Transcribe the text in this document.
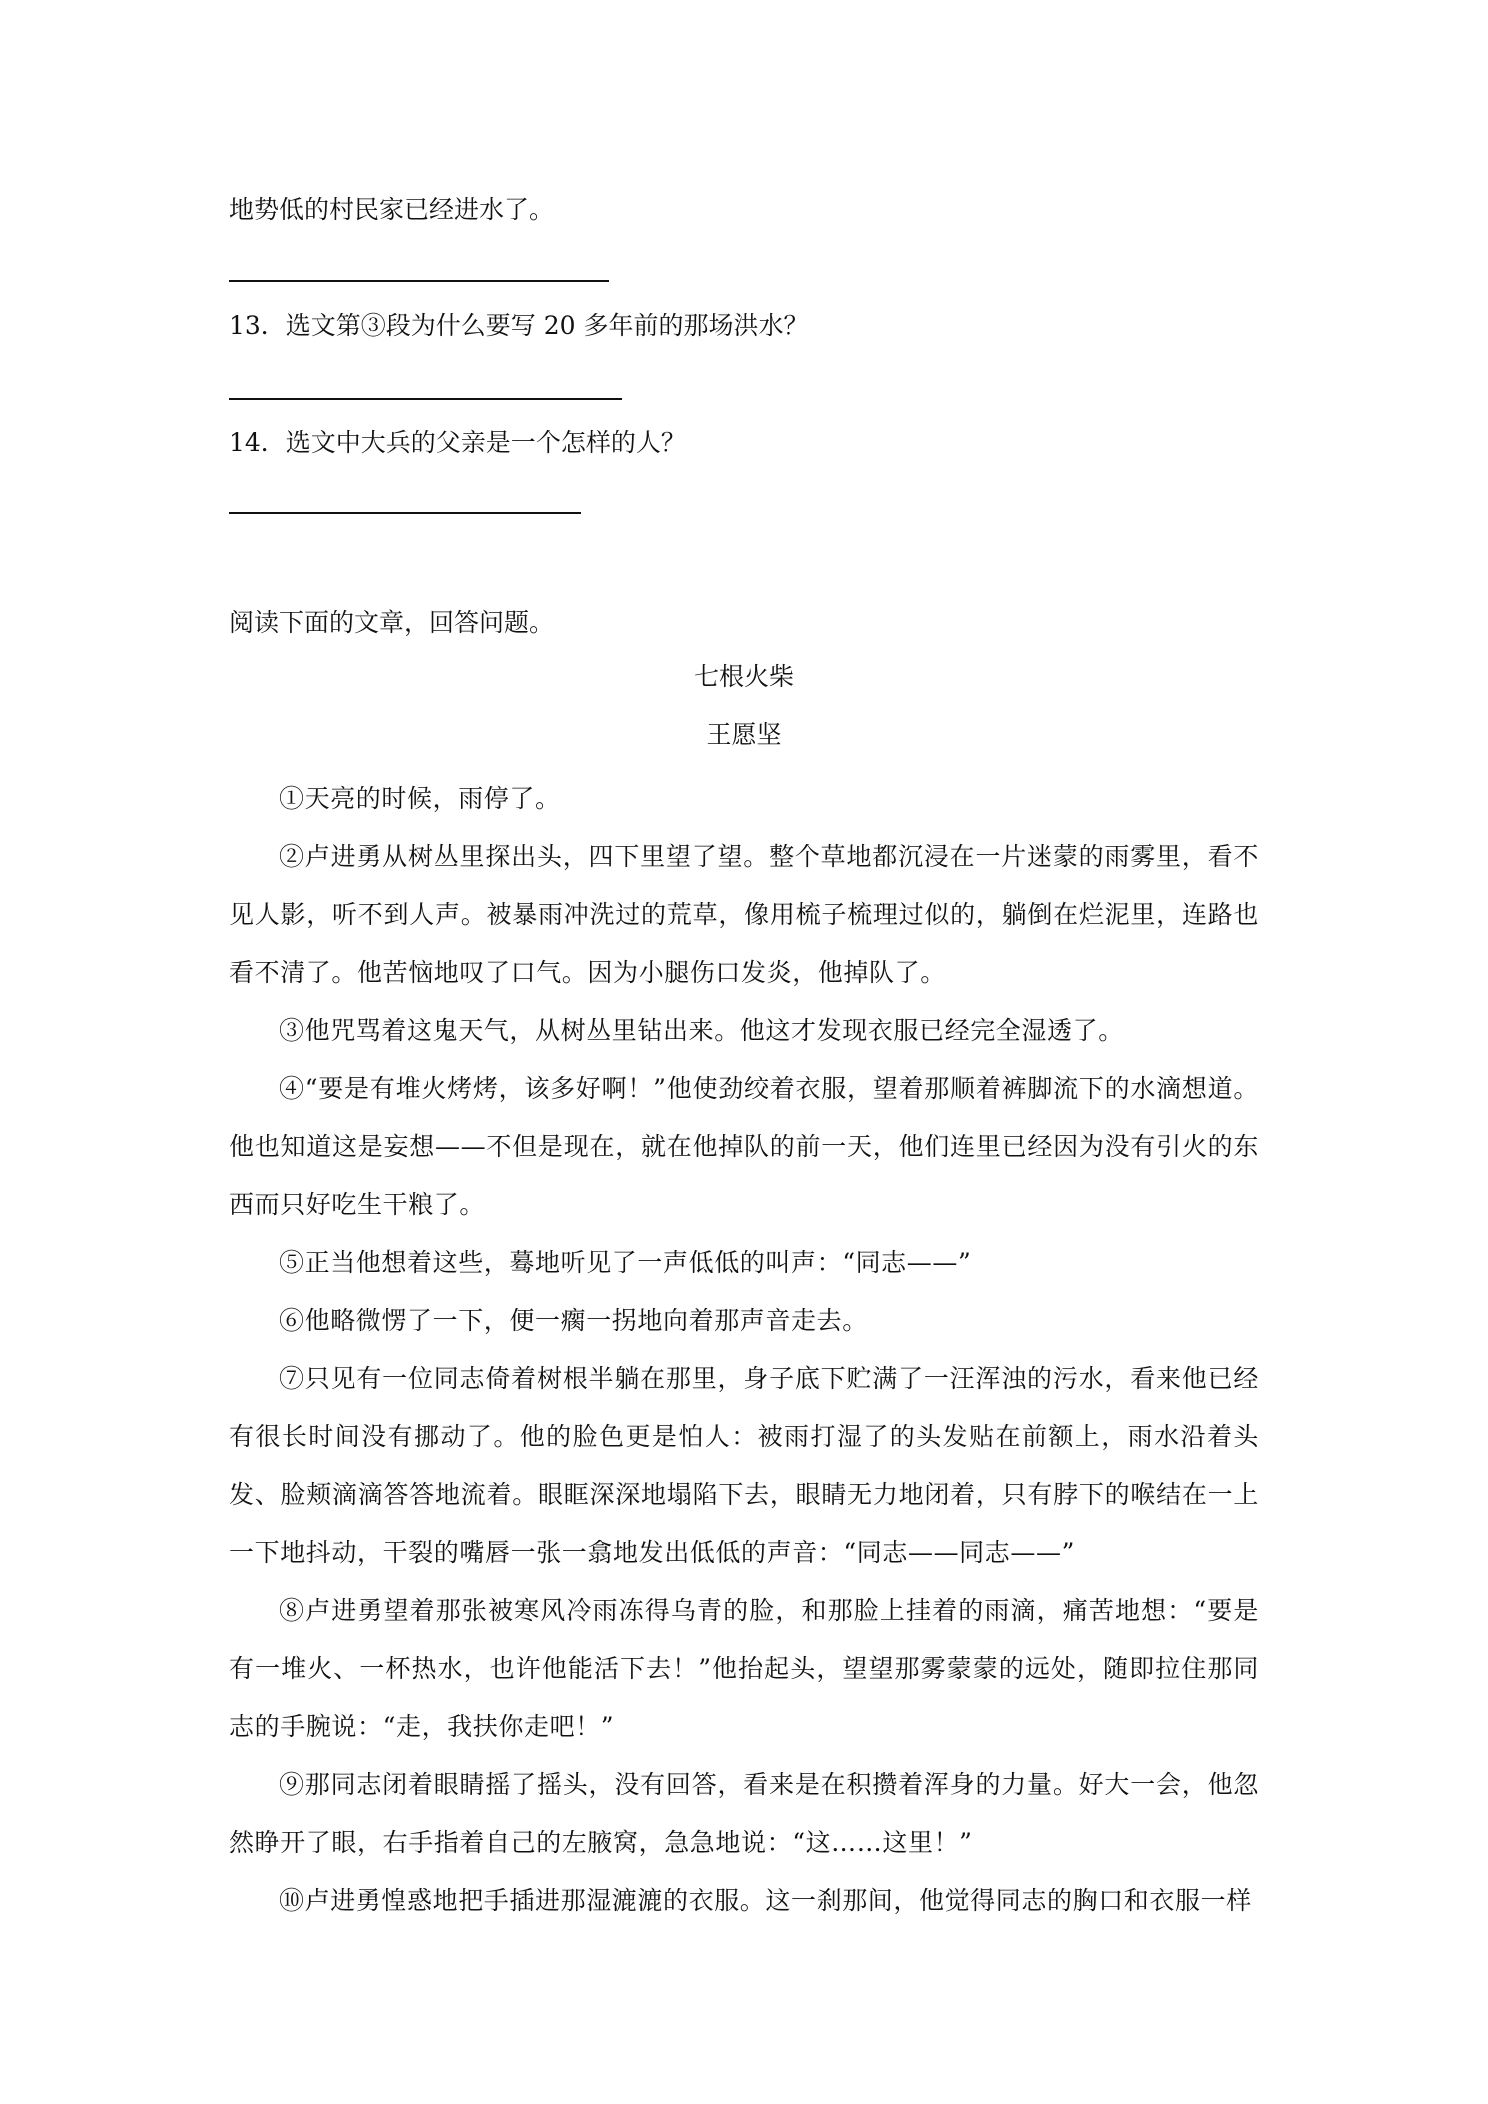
地势低的村民家已经进水了。
13．选文第③段为什么要写 20 多年前的那场洪水？
14．选文中大兵的父亲是一个怎样的人？
阅读下面的文章，回答问题。
七根火柴
王愿坚
①天亮的时候，雨停了。
②卢进勇从树丛里探出头，四下里望了望。整个草地都沉浸在一片迷蒙的雨雾里，看不见人影，听不到人声。被暴雨冲洗过的荒草，像用梳子梳理过似的，躺倒在烂泥里，连路也看不清了。他苦恼地叹了口气。因为小腿伤口发炎，他掉队了。
③他咒骂着这鬼天气，从树丛里钻出来。他这才发现衣服已经完全湿透了。
④“要是有堆火烤烤，该多好啊！”他使劲绞着衣服，望着那顺着裤脚流下的水滴想道。他也知道这是妄想——不但是现在，就在他掉队的前一天，他们连里已经因为没有引火的东西而只好吃生干粮了。
⑤正当他想着这些，蓦地听见了一声低低的叫声：“同志——”
⑥他略微愣了一下，便一瘸一拐地向着那声音走去。
⑦只见有一位同志倚着树根半躺在那里，身子底下贮满了一汪浑浊的污水，看来他已经有很长时间没有挪动了。他的脸色更是怕人：被雨打湿了的头发贴在前额上，雨水沿着头发、脸颊滴滴答答地流着。眼眶深深地塌陷下去，眼睛无力地闭着，只有脖下的喉结在一上一下地抖动，干裂的嘴唇一张一翕地发出低低的声音：“同志——同志——”
⑧卢进勇望着那张被寒风冷雨冻得乌青的脸，和那脸上挂着的雨滴，痛苦地想：“要是有一堆火、一杯热水，也许他能活下去！”他抬起头，望望那雾蒙蒙的远处，随即拉住那同志的手腕说：“走，我扶你走吧！”
⑨那同志闭着眼睛摇了摇头，没有回答，看来是在积攒着浑身的力量。好大一会，他忽然睁开了眼，右手指着自己的左腋窝，急急地说：“这……这里！”
⑩卢进勇惶惑地把手插进那湿漉漉的衣服。这一刹那间，他觉得同志的胸口和衣服一样
